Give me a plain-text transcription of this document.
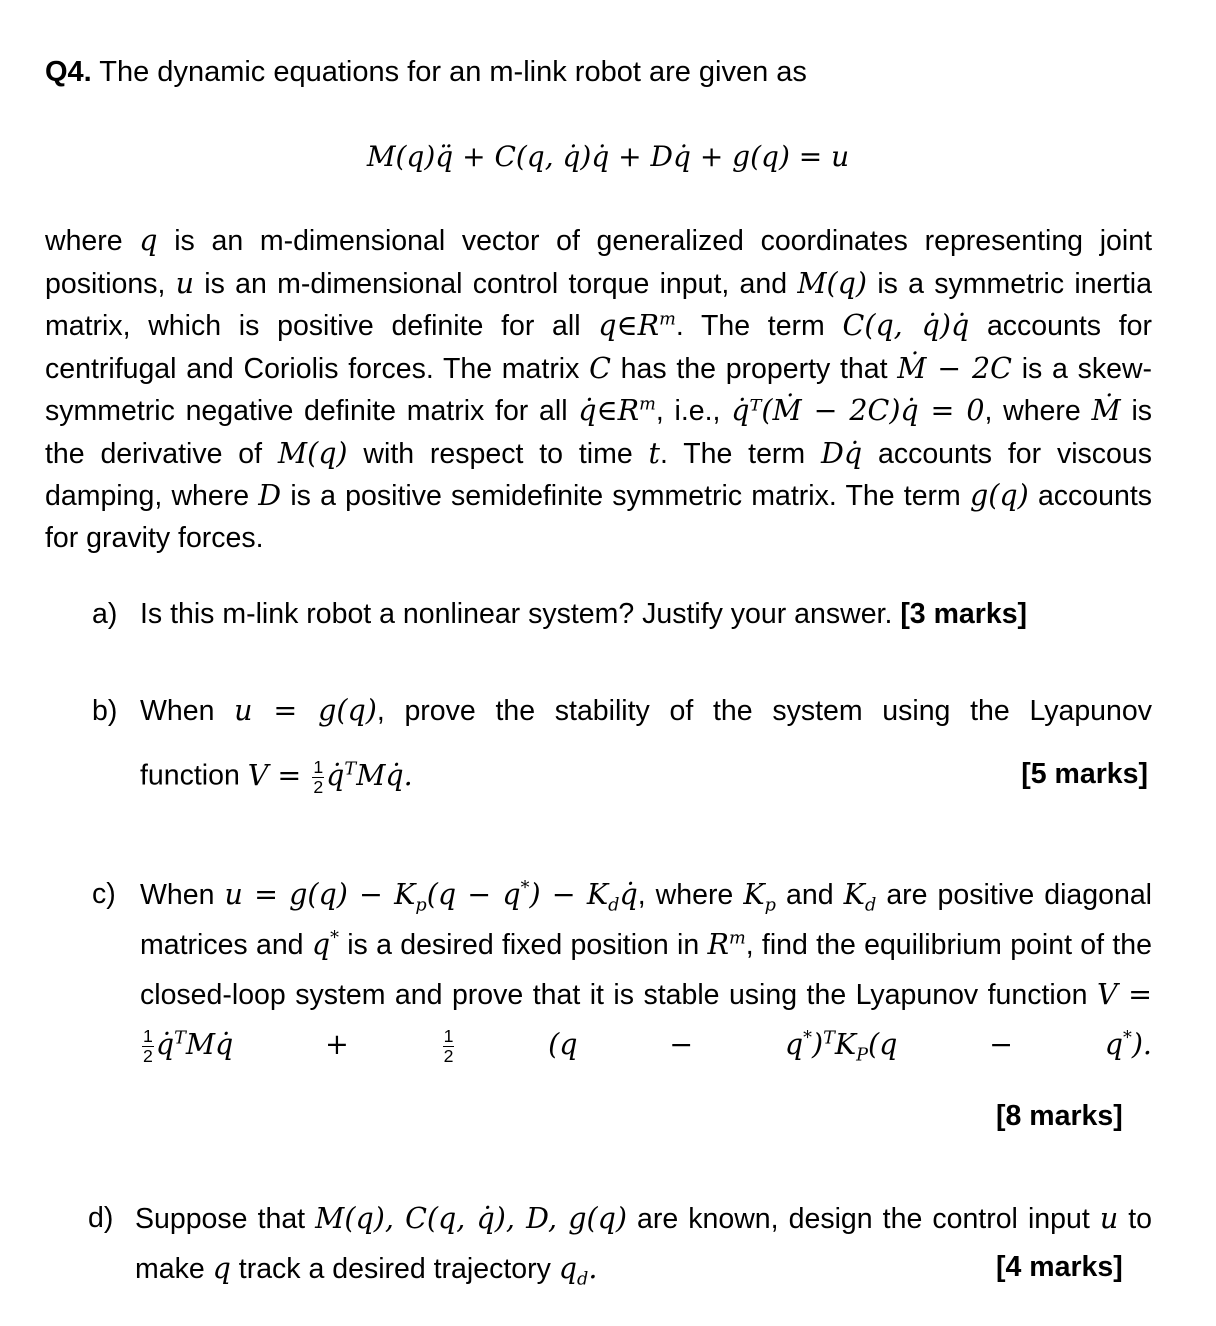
Q4. The dynamic equations for an m-link robot are given as
M(q)q̈ + C(q, q̇)q̇ + Dq̇ + g(q) = u
where q is an m-dimensional vector of generalized coordinates representing joint positions, u is an m-dimensional control torque input, and M(q) is a symmetric inertia matrix, which is positive definite for all $q\in R^m$. The term C(q, q̇)q̇ accounts for centrifugal and Coriolis forces. The matrix C has the property that Ṁ − 2C is a skew-symmetric negative definite matrix for all $q̇\in R^m$, i.e., q̇ᵀ(Ṁ − 2C)q̇ = 0, where Ṁ is the derivative of M(q) with respect to time t. The term Dq̇ accounts for viscous damping, where D is a positive semidefinite symmetric matrix. The term g(q) accounts for gravity forces.
a) Is this m-link robot a nonlinear system? Justify your answer. [3 marks]
b) When u = g(q), prove the stability of the system using the Lyapunov
function $V = \frac{1}{2}$ q̇$^T$Mq̇.	[5 marks]
c) When $u = g(q) - K_p(q - q^*)$ − $K_dq̇$, where $K_p$ and $K_d$ are positive diagonal matrices and q* is a desired fixed position in $R^m$, find the equilibrium point of the closed-loop system and prove that it is stable using the Lyapunov function V =
$\frac{1}{2}$ q̇$^T$Mq̇ + $\frac{1}{2} (q - q^*)^TK_P(q - q^*)$.
[8 marks]
d) Suppose that M(q), C(q, q̇), D, g(q) are known, design the control input u to make q track a desired trajectory $q_d$.	[4 marks]
